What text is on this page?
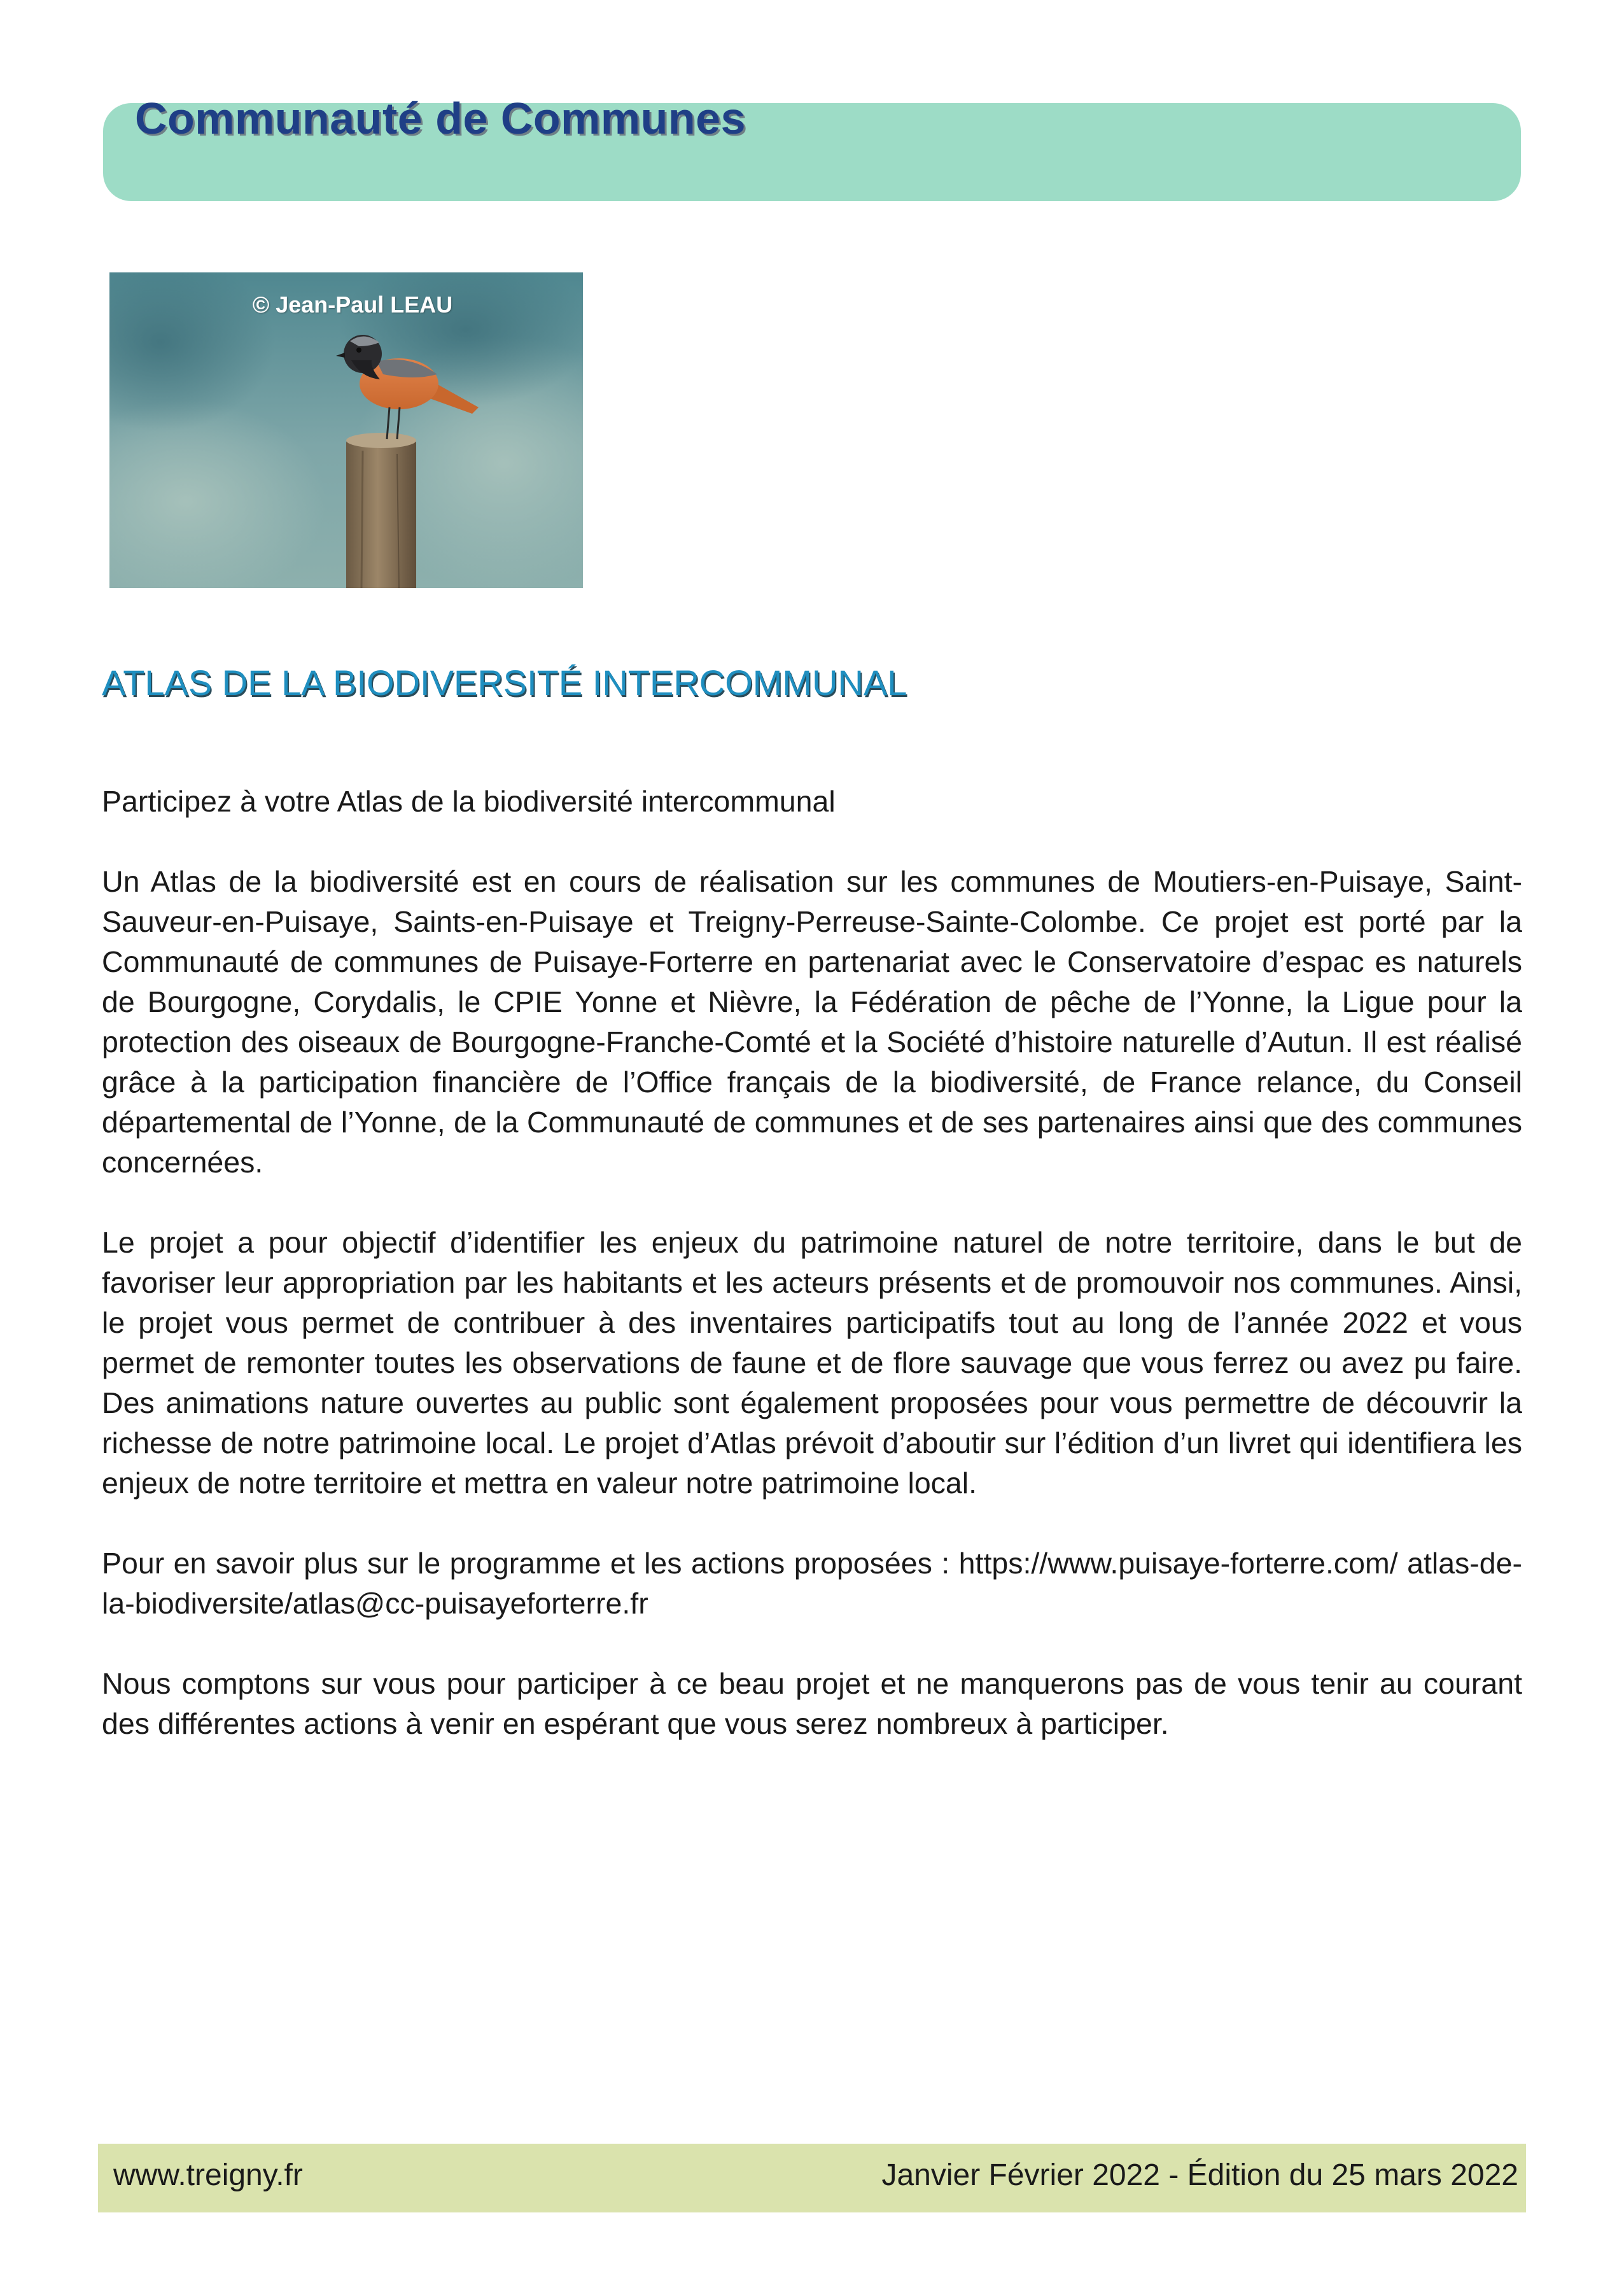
Communauté de Communes
© Jean-Paul LEAU
ATLAS DE LA BIODIVERSITÉ INTERCOMMUNAL

Participez à votre Atlas de la biodiversité intercommunal

Un Atlas de la biodiversité est en cours de réalisation sur les communes de Moutiers-en-Puisaye, Saint-Sauveur-en-Puisaye, Saints-en-Puisaye et Treigny-Perreuse-Sainte-Colombe. Ce projet est porté par la Communauté de communes de Puisaye-Forterre en partenariat avec le Conservatoire d’espac es naturels de Bourgogne, Corydalis, le CPIE Yonne et Nièvre, la Fédération de pêche de l’Yonne, la Ligue pour la protection des oiseaux de Bourgogne-Franche-Comté et la Société d’histoire naturelle d’Autun. Il est réalisé grâce à la participation financière de l’Office français de la biodiversité, de France relance, du Conseil départemental de l’Yonne, de la Communauté de communes et de ses partenaires ainsi que des communes concernées.

Le projet a pour objectif d’identifier les enjeux du patrimoine naturel de notre territoire, dans le but de favoriser leur appropriation par les habitants et les acteurs présents et de promouvoir nos communes. Ainsi, le projet vous permet de contribuer à des inventaires participatifs tout au long de l’année 2022 et vous permet de remonter toutes les observations de faune et de flore sauvage que vous ferrez ou avez pu faire. Des animations nature ouvertes au public sont également proposées pour vous permettre de découvrir la richesse de notre patrimoine local. Le projet d’Atlas prévoit d’aboutir sur l’édition d’un livret qui identifiera les enjeux de notre territoire et mettra en valeur notre patrimoine local.

Pour en savoir plus sur le programme et les actions proposées : https://www.puisaye-forterre.com/ atlas-de-la-biodiversite/atlas@cc-puisayeforterre.fr

Nous comptons sur vous pour participer à ce beau projet et ne manquerons pas de vous tenir au courant des différentes actions à venir en espérant que vous serez nombreux à participer.

www.treigny.fr	Janvier Février 2022 - Édition du 25 mars 2022
